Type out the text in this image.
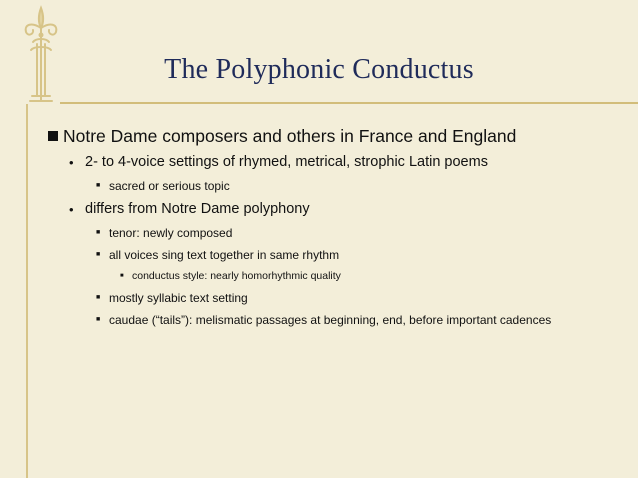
The Polyphonic Conductus
Notre Dame composers and others in France and England
• 2- to 4-voice settings of rhymed, metrical, strophic Latin poems
■ sacred or serious topic
• differs from Notre Dame polyphony
■ tenor: newly composed
■ all voices sing text together in same rhythm
■ conductus style: nearly homorhythmic quality
■ mostly syllabic text setting
■ caudae (“tails”): melismatic passages at beginning, end, before important cadences
